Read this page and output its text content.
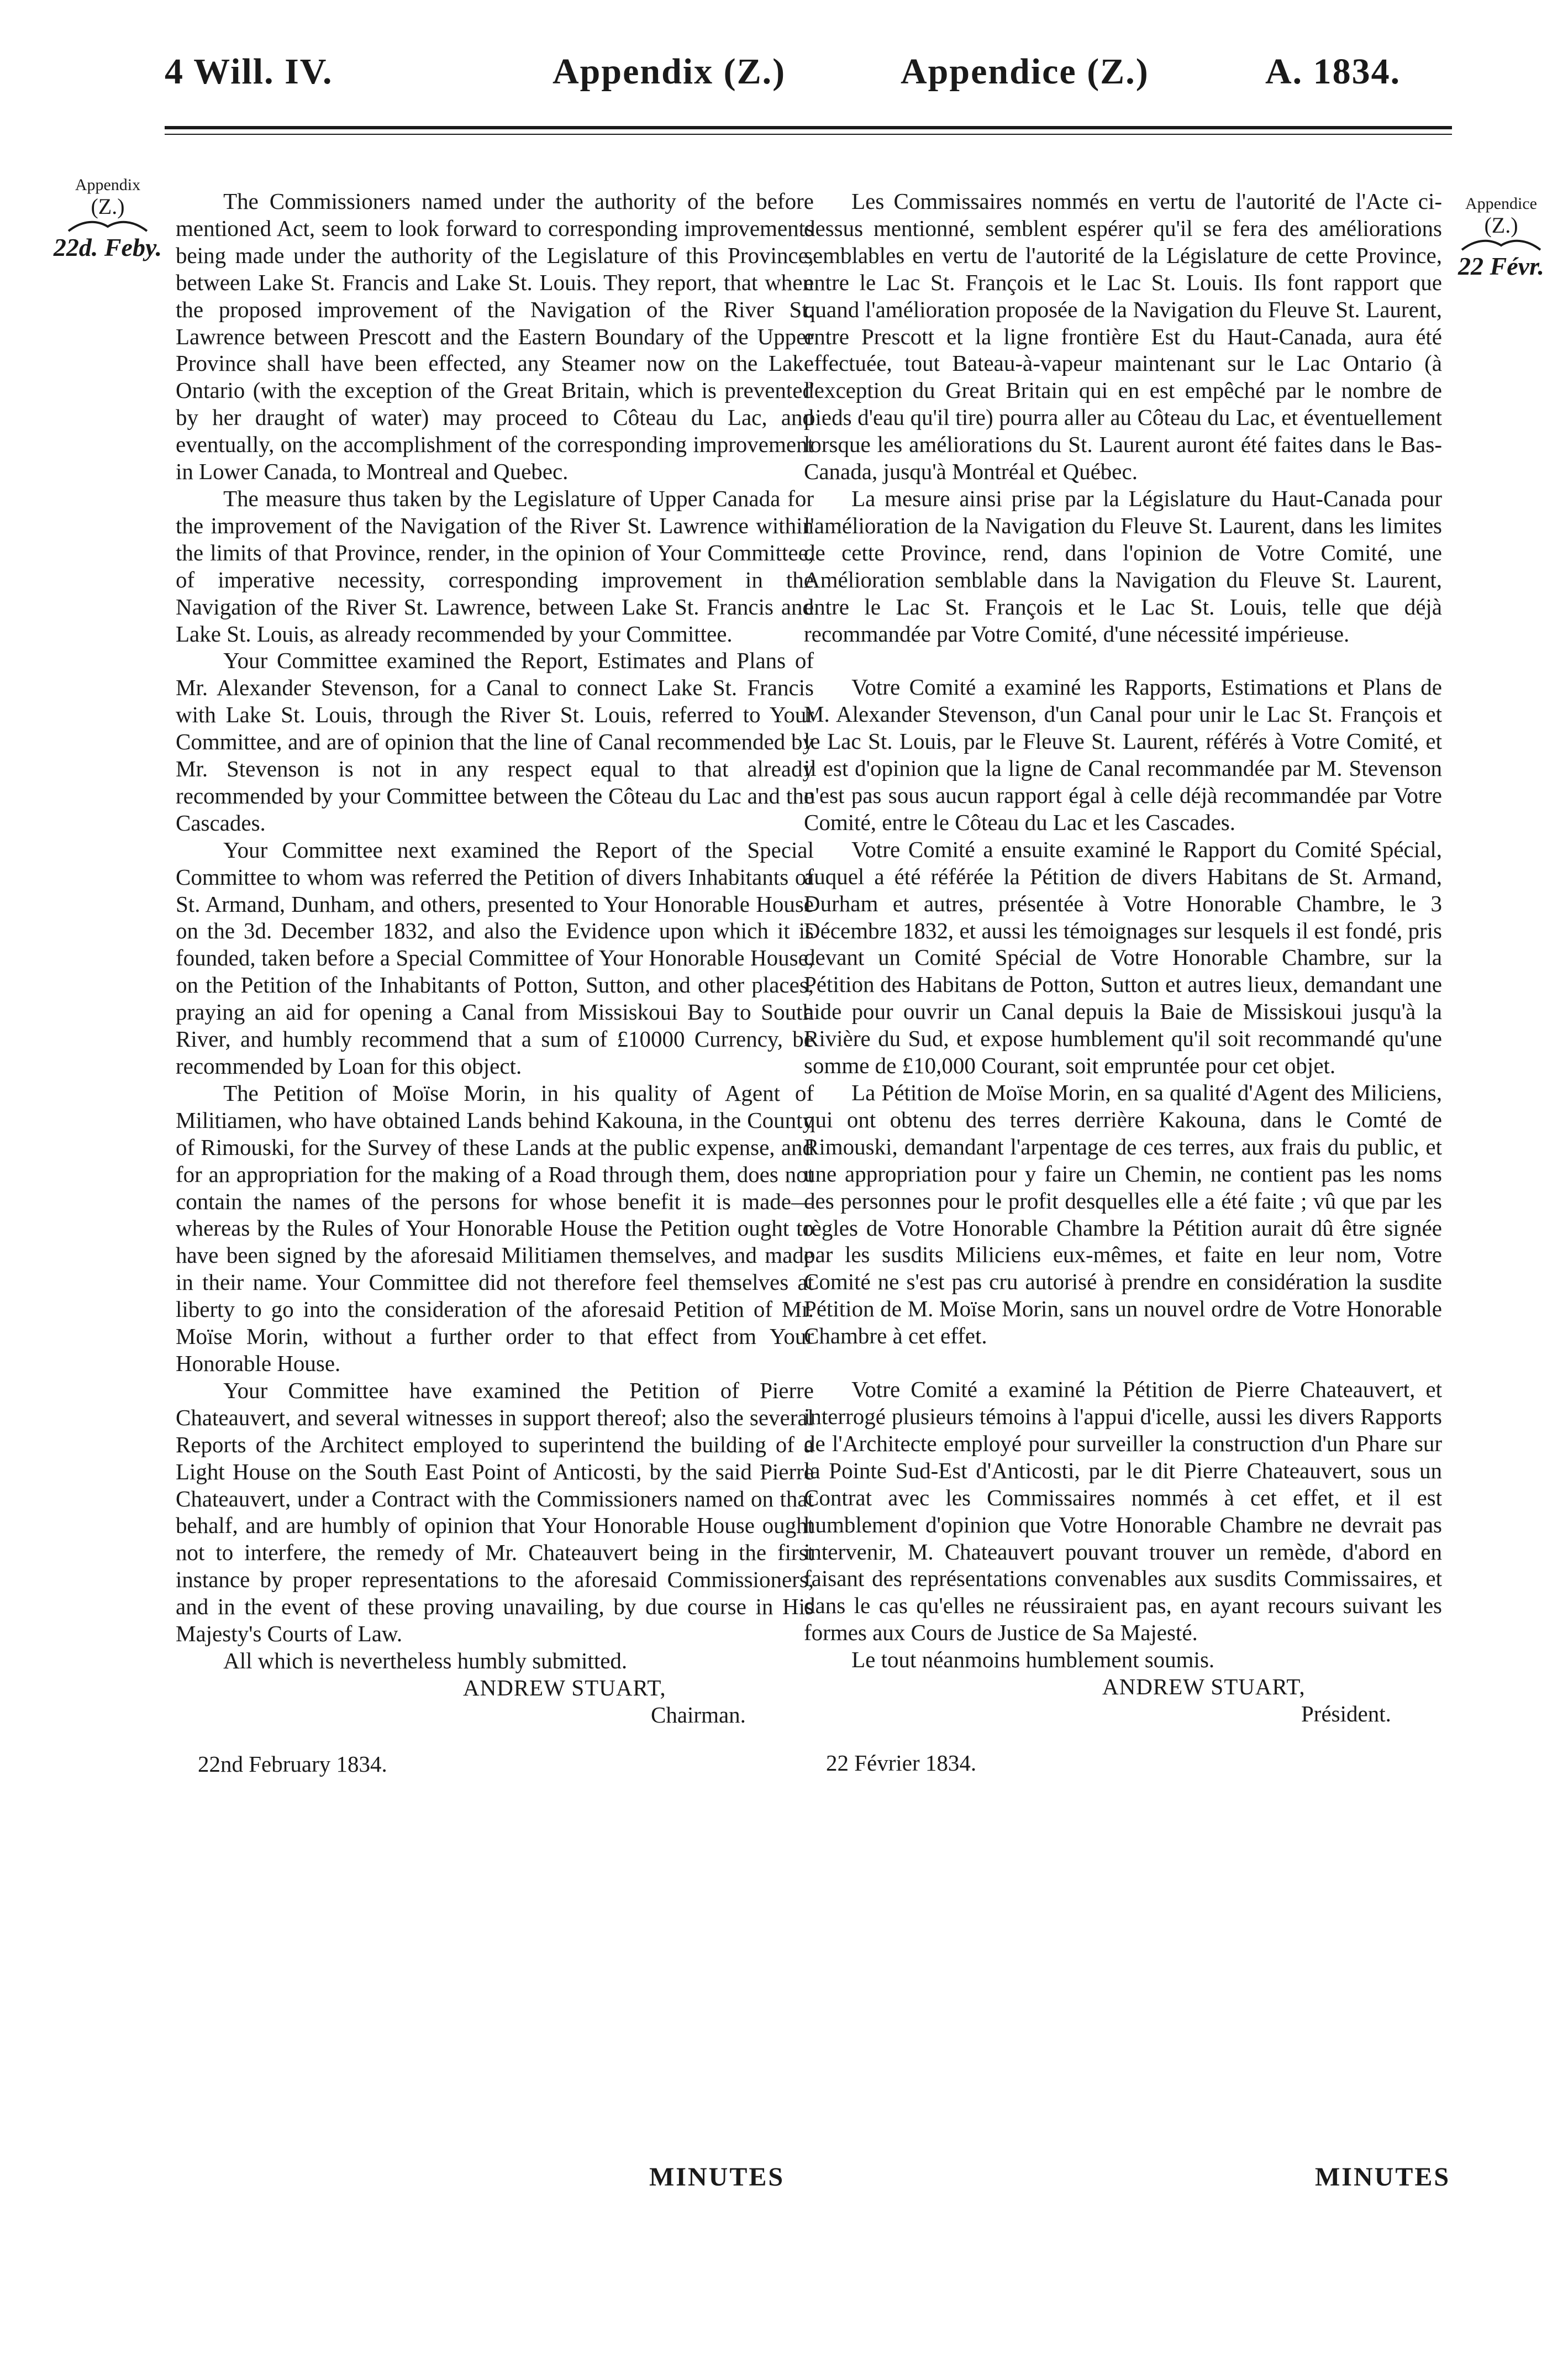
4 Will. IV.	Appendix (Z.)	Appendice (Z.)	A. 1834.
Appendix
(Z.)
22d. Feby.
Appendice
(Z.)
22 Févr.

The Commissioners named under the authority of the before mentioned Act, seem to look forward to corresponding improvements being made under the authority of the Legislature of this Province, between Lake St. Francis and Lake St. Louis. They report, that when the proposed improvement of the Navigation of the River St. Lawrence between Prescott and the Eastern Boundary of the Upper Province shall have been effected, any Steamer now on the Lake Ontario (with the exception of the Great Britain, which is prevented by her draught of water) may proceed to Côteau du Lac, and eventually, on the accomplishment of the corresponding improvement in Lower Canada, to Montreal and Quebec.

The measure thus taken by the Legislature of Upper Canada for the improvement of the Navigation of the River St. Lawrence within the limits of that Province, render, in the opinion of Your Committee, of imperative necessity, corresponding improvement in the Navigation of the River St. Lawrence, between Lake St. Francis and Lake St. Louis, as already recommended by your Committee.

Your Committee examined the Report, Estimates and Plans of Mr. Alexander Stevenson, for a Canal to connect Lake St. Francis with Lake St. Louis, through the River St. Louis, referred to Your Committee, and are of opinion that the line of Canal recommended by Mr. Stevenson is not in any respect equal to that already recommended by your Committee between the Côteau du Lac and the Cascades.

Your Committee next examined the Report of the Special Committee to whom was referred the Petition of divers Inhabitants of St. Armand, Dunham, and others, presented to Your Honorable House on the 3d. December 1832, and also the Evidence upon which it is founded, taken before a Special Committee of Your Honorable House, on the Petition of the Inhabitants of Potton, Sutton, and other places, praying an aid for opening a Canal from Missiskoui Bay to South River, and humbly recommend that a sum of £10000 Currency, be recommended by Loan for this object.

The Petition of Moïse Morin, in his quality of Agent of Militiamen, who have obtained Lands behind Kakouna, in the County of Rimouski, for the Survey of these Lands at the public expense, and for an appropriation for the making of a Road through them, does not contain the names of the persons for whose benefit it is made—whereas by the Rules of Your Honorable House the Petition ought to have been signed by the aforesaid Militiamen themselves, and made in their name. Your Committee did not therefore feel themselves at liberty to go into the consideration of the aforesaid Petition of Mr. Moïse Morin, without a further order to that effect from Your Honorable House.

Your Committee have examined the Petition of Pierre Chateauvert, and several witnesses in support thereof; also the several Reports of the Architect employed to superintend the building of a Light House on the South East Point of Anticosti, by the said Pierre Chateauvert, under a Contract with the Commissioners named on that behalf, and are humbly of opinion that Your Honorable House ought not to interfere, the remedy of Mr. Chateauvert being in the first instance by proper representations to the aforesaid Commissioners, and in the event of these proving unavailing, by due course in His Majesty's Courts of Law.

All which is nevertheless humbly submitted.

ANDREW STUART,

Chairman.

22nd February 1834.

Les Commissaires nommés en vertu de l'autorité de l'Acte ci-dessus mentionné, semblent espérer qu'il se fera des améliorations semblables en vertu de l'autorité de la Législature de cette Province, entre le Lac St. François et le Lac St. Louis. Ils font rapport que quand l'amélioration proposée de la Navigation du Fleuve St. Laurent, entre Prescott et la ligne frontière Est du Haut-Canada, aura été effectuée, tout Bateau-à-vapeur maintenant sur le Lac Ontario (à l'exception du Great Britain qui en est empêché par le nombre de pieds d'eau qu'il tire) pourra aller au Côteau du Lac, et éventuellement lorsque les améliorations du St. Laurent auront été faites dans le Bas-Canada, jusqu'à Montréal et Québec.

La mesure ainsi prise par la Législature du Haut-Canada pour l'amélioration de la Navigation du Fleuve St. Laurent, dans les limites de cette Province, rend, dans l'opinion de Votre Comité, une Amélioration semblable dans la Navigation du Fleuve St. Laurent, entre le Lac St. François et le Lac St. Louis, telle que déjà recommandée par Votre Comité, d'une nécessité impérieuse.

Votre Comité a examiné les Rapports, Estimations et Plans de M. Alexander Stevenson, d'un Canal pour unir le Lac St. François et le Lac St. Louis, par le Fleuve St. Laurent, référés à Votre Comité, et il est d'opinion que la ligne de Canal recommandée par M. Stevenson n'est pas sous aucun rapport égal à celle déjà recommandée par Votre Comité, entre le Côteau du Lac et les Cascades.

Votre Comité a ensuite examiné le Rapport du Comité Spécial, auquel a été référée la Pétition de divers Habitans de St. Armand, Durham et autres, présentée à Votre Honorable Chambre, le 3 Décembre 1832, et aussi les témoignages sur lesquels il est fondé, pris devant un Comité Spécial de Votre Honorable Chambre, sur la Pétition des Habitans de Potton, Sutton et autres lieux, demandant une aide pour ouvrir un Canal depuis la Baie de Missiskoui jusqu'à la Rivière du Sud, et expose humblement qu'il soit recommandé qu'une somme de £10,000 Courant, soit empruntée pour cet objet.

La Pétition de Moïse Morin, en sa qualité d'Agent des Miliciens, qui ont obtenu des terres derrière Kakouna, dans le Comté de Rimouski, demandant l'arpentage de ces terres, aux frais du public, et une appropriation pour y faire un Chemin, ne contient pas les noms des personnes pour le profit desquelles elle a été faite ; vû que par les règles de Votre Honorable Chambre la Pétition aurait dû être signée par les susdits Miliciens eux-mêmes, et faite en leur nom, Votre Comité ne s'est pas cru autorisé à prendre en considération la susdite Pétition de M. Moïse Morin, sans un nouvel ordre de Votre Honorable Chambre à cet effet.

Votre Comité a examiné la Pétition de Pierre Chateauvert, et interrogé plusieurs témoins à l'appui d'icelle, aussi les divers Rapports de l'Architecte employé pour surveiller la construction d'un Phare sur la Pointe Sud-Est d'Anticosti, par le dit Pierre Chateauvert, sous un Contrat avec les Commissaires nommés à cet effet, et il est humblement d'opinion que Votre Honorable Chambre ne devrait pas intervenir, M. Chateauvert pouvant trouver un remède, d'abord en faisant des représentations convenables aux susdits Commissaires, et dans le cas qu'elles ne réussiraient pas, en ayant recours suivant les formes aux Cours de Justice de Sa Majesté.

Le tout néanmoins humblement soumis.

ANDREW STUART,

Président.

22 Février 1834.

MINUTES	MINUTES
